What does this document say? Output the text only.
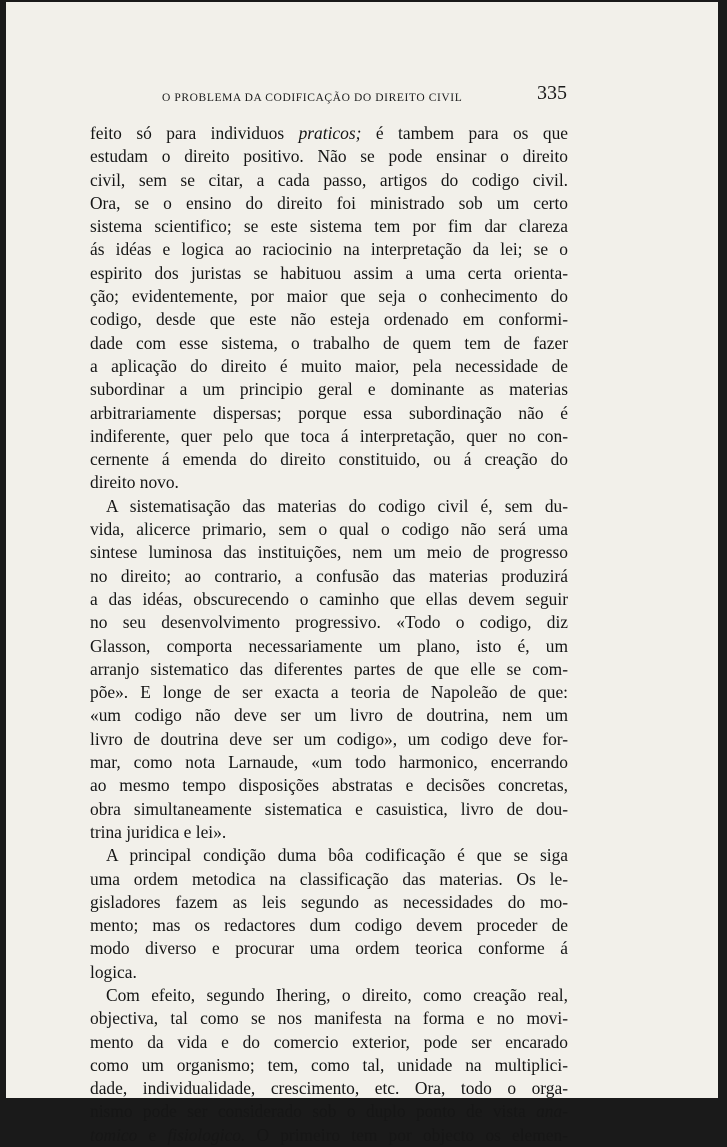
O PROBLEMA DA CODIFICAÇÃO DO DIREITO CIVIL	335
feito só para individuos praticos; é tambem para os que
estudam o direito positivo. Não se pode ensinar o direito
civil, sem se citar, a cada passo, artigos do codigo civil.
Ora, se o ensino do direito foi ministrado sob um certo
sistema scientifico; se este sistema tem por fim dar clareza
ás idéas e logica ao raciocinio na interpretação da lei; se o
espirito dos juristas se habituou assim a uma certa orienta-
ção; evidentemente, por maior que seja o conhecimento do
codigo, desde que este não esteja ordenado em conformi-
dade com esse sistema, o trabalho de quem tem de fazer
a aplicação do direito é muito maior, pela necessidade de
subordinar a um principio geral e dominante as materias
arbitrariamente dispersas; porque essa subordinação não é
indiferente, quer pelo que toca á interpretação, quer no con-
cernente á emenda do direito constituido, ou á creação do
direito novo.
A sistematisação das materias do codigo civil é, sem du-
vida, alicerce primario, sem o qual o codigo não será uma
sintese luminosa das instituições, nem um meio de progresso
no direito; ao contrario, a confusão das materias produzirá
a das idéas, obscurecendo o caminho que ellas devem seguir
no seu desenvolvimento progressivo. «Todo o codigo, diz
Glasson, comporta necessariamente um plano, isto é, um
arranjo sistematico das diferentes partes de que elle se com-
põe». E longe de ser exacta a teoria de Napoleão de que:
«um codigo não deve ser um livro de doutrina, nem um
livro de doutrina deve ser um codigo», um codigo deve for-
mar, como nota Larnaude, «um todo harmonico, encerrando
ao mesmo tempo disposições abstratas e decisões concretas,
obra simultaneamente sistematica e casuistica, livro de dou-
trina juridica e lei».
A principal condição duma bôa codificação é que se siga
uma ordem metodica na classificação das materias. Os le-
gisladores fazem as leis segundo as necessidades do mo-
mento; mas os redactores dum codigo devem proceder de
modo diverso e procurar uma ordem teorica conforme á
logica.
Com efeito, segundo Ihering, o direito, como creação real,
objectiva, tal como se nos manifesta na forma e no movi-
mento da vida e do comercio exterior, pode ser encarado
como um organismo; tem, como tal, unidade na multiplici-
dade, individualidade, crescimento, etc. Ora, todo o orga-
nismo pode ser considerado sob o duplo ponto de vista ana-
tomico e fisiologico. O primeiro tem por objecto os elemen-
